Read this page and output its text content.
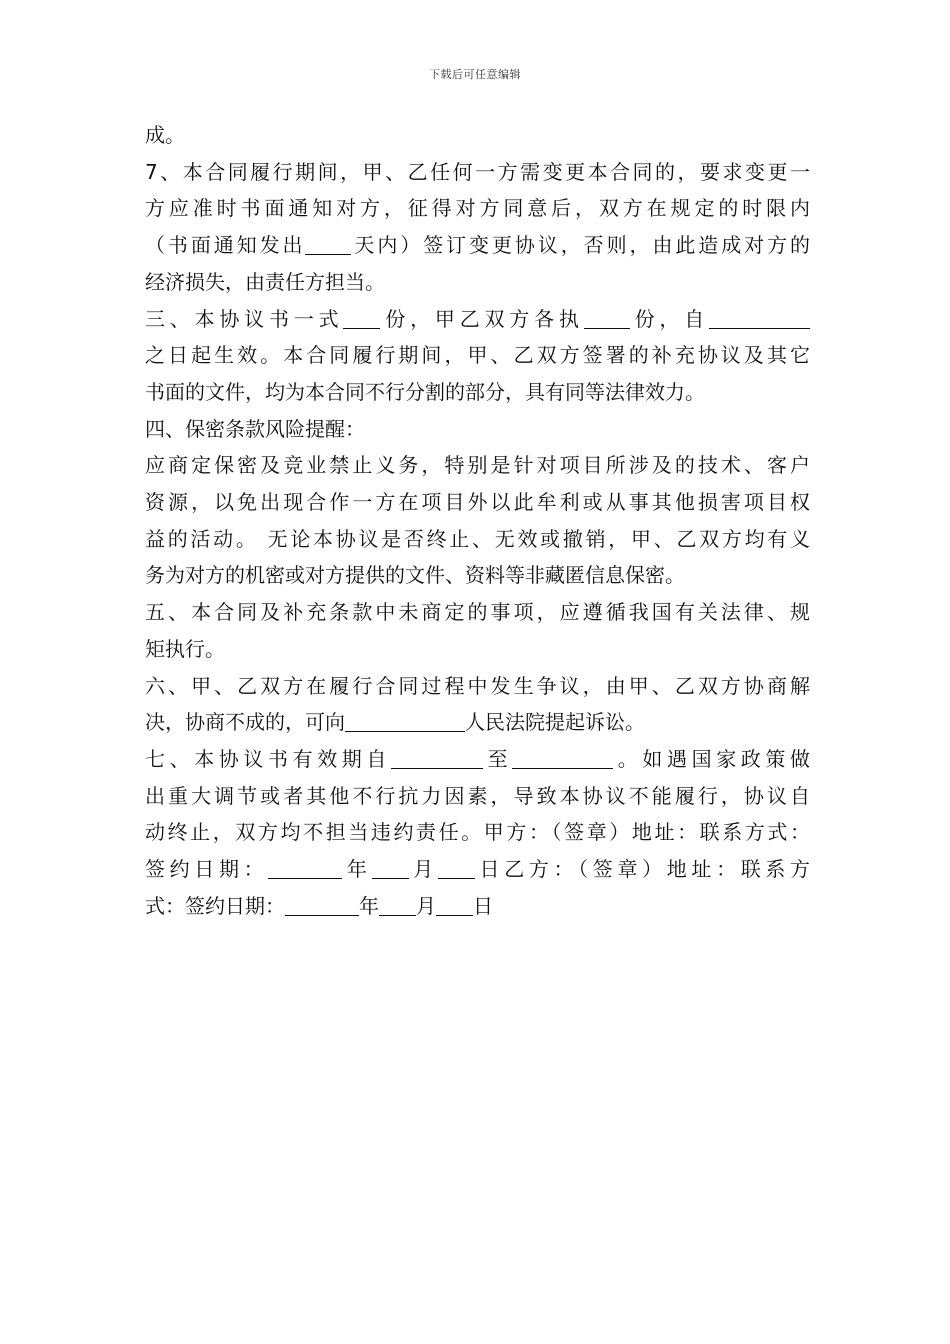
下载后可任意编辑
成。
7、本合同履行期间，甲、乙任何一方需变更本合同的，要求变更一
方应准时书面通知对方，征得对方同意后，双方在规定的时限内
（书面通知发出 天内）签订变更协议，否则，由此造成对方的
经济损失，由责任方担当。
三、本协议书一式 份，甲乙双方各执 份，自
之日起生效。本合同履行期间，甲、乙双方签署的补充协议及其它
书面的文件，均为本合同不行分割的部分，具有同等法律效力。
四、保密条款风险提醒：
应商定保密及竞业禁止义务，特别是针对项目所涉及的技术、客户
资源，以免出现合作一方在项目外以此牟利或从事其他损害项目权
益的活动。 无论本协议是否终止、无效或撤销，甲、乙双方均有义
务为对方的机密或对方提供的文件、资料等非藏匿信息保密。
五、本合同及补充条款中未商定的事项，应遵循我国有关法律、规
矩执行。
六、甲、乙双方在履行合同过程中发生争议，由甲、乙双方协商解
决，协商不成的，可向	人民法院提起诉讼。
七、本协议书有效期自	至	。如遇国家政策做
出重大调节或者其他不行抗力因素，导致本协议不能履行，协议自
动终止，双方均不担当违约责任。甲方：（签章）地址：联系方式：
签约日期：	年 月 日乙方：（签章）地址：联系方
式：签约日期：	年 月 日
